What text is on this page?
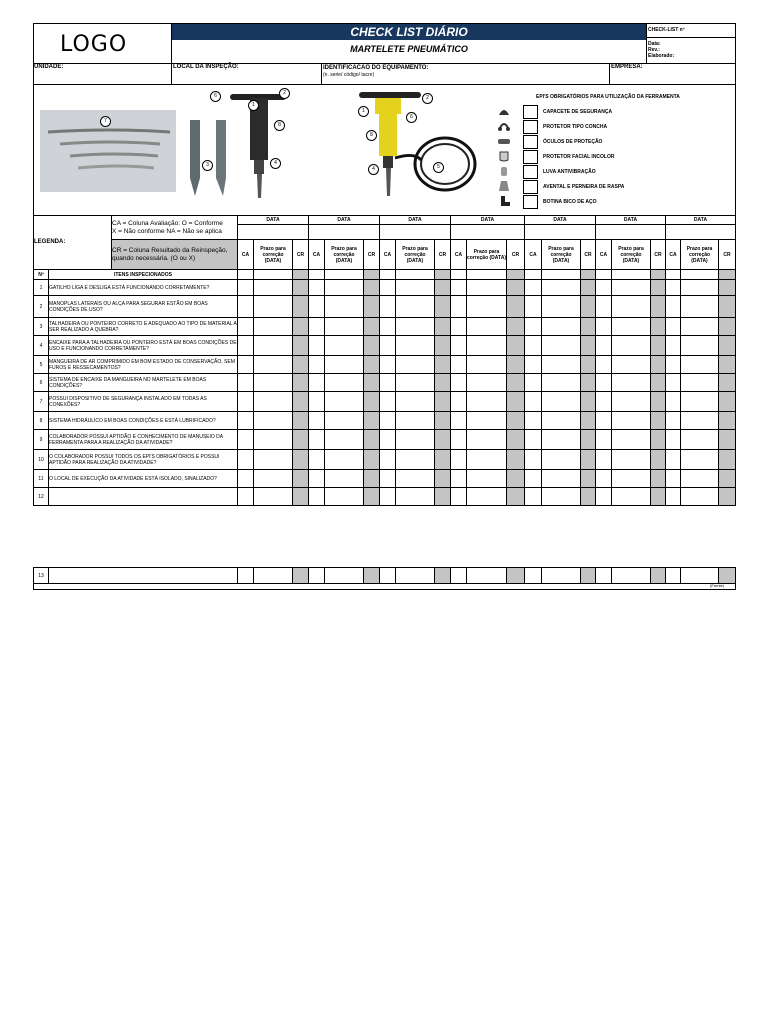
LOGO	CHECK LIST DIÁRIO
MARTELETE PNEUMÁTICO
CHECK-LIST nº
Data:
Rev.:
Elaborado:
UNIDADE:	LOCAL DA INSPEÇÃO:	IDENTIFICACAO DO EQUIPAMENTO:
(n. serie/ código/ tacre)
EMPRESA:
7
3
6	2
1
8
4
1
2
6
8
4	5
EPI'S OBRIGATÓRIOS PARA UTILIZAÇÃO DA FERRAMENTA
CAPACETE DE SEGURANÇA
PROTETOR TIPO CONCHA
ÓCULOS DE PROTEÇÃO
PROTETOR FACIAL INCOLOR
LUVA ANTIVIBRAÇÃO
AVENTAL E PERNEIRA DE RASPA
BOTINA BICO DE AÇO
LEGENDA:		CA = Coluna Avaliação: O = Conforme
X = Não conforme NA = Não se aplica	DATA			DATA			DATA			DATA			DATA			DATA			DATA		

		CR = Coluna Resultado da Reinspeção, quando necessária. (O ou X)	CA	Prazo para correção (DATA)	CR	CA	Prazo para correção (DATA)	CR	CA	Prazo para correção (DATA)	CR	CA	Prazo para correção (DATA)	CR	CA	Prazo para correção (DATA)	CR	CA	Prazo para correção (DATA)	CR	CA	Prazo para correção (DATA)	CR
Nº	ITENS INSPECIONADOS																						
1	GATILHO LIGA E DESLIGA ESTÁ FUNCIONANDO CORRETAMENTE?																						
2	MANOPLAS LATERAIS OU ALÇA PARA SEGURAR ESTÃO EM BOAS CONDIÇÕES DE USO?																						
3	TALHADEIRA OU PONTEIRO CORRETO E ADEQUADO AO TIPO DE MATERIAL A SER REALIZADO A QUEBRA?																						
4	ENCAIXE PARA A TALHADEIRA OU PONTEIRO ESTÁ EM BOAS CONDIÇÕES DE USO E FUNCIONANDO CORRETAMENTE?																						
5	MANGUEIRA DE AR COMPRIMIDO EM BOM ESTADO DE CONSERVAÇÃO, SEM FUROS E RESSECAMENTOS?																						
6	SISTEMA DE ENCAIXE DA MANGUEIRA NO MARTELETE EM BOAS CONDIÇÕES?																						
7	POSSUI DISPOSITIVO DE SEGURANÇA INSTALADO EM TODAS AS CONEXÕES?																						
8	SISTEMA HIDRÁULICO EM BOAS CONDIÇÕES E ESTÁ LUBRIFICADO?																						
9	COLABORADOR POSSUI APTIDÃO E CONHECIMENTO DE MANUSEIO DA FERRAMENTA PARA A REALIZAÇÃO DA ATIVIDADE?																						
10	O COLABORADOR POSSUI TODOS OS EPI'S OBRIGATÓRIOS E POSSUI APTIDÃO PARA REALIZAÇÃO DA ATIVIDADE?																						
11	O LOCAL DE EXECUÇÃO DA ATIVIDADE ESTÁ ISOLADO, SINALIZADO?																						
12																							
13																						
(Frente)
